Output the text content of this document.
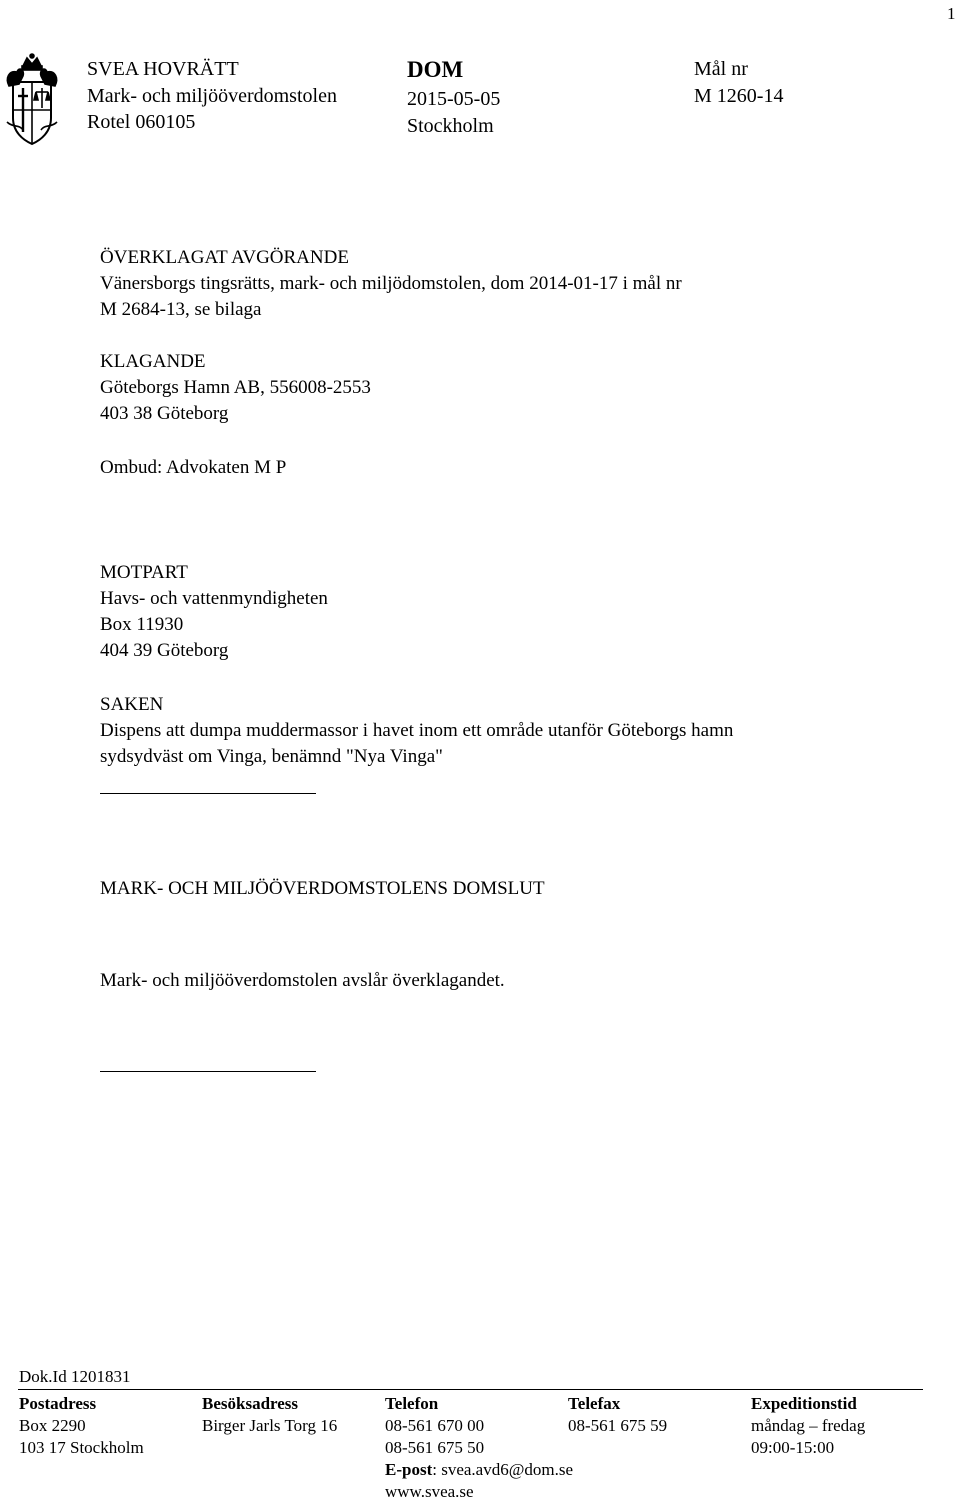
1
SVEA HOVRÄTT
Mark- och miljööverdomstolen
Rotel 060105
DOM
2015-05-05
Stockholm
Mål nr
M 1260-14
ÖVERKLAGAT AVGÖRANDE
Vänersborgs tingsrätts, mark- och miljödomstolen, dom 2014-01-17 i mål nr
M 2684-13, se bilaga
KLAGANDE
Göteborgs Hamn AB, 556008-2553
403 38 Göteborg
Ombud: Advokaten M P
MOTPART
Havs- och vattenmyndigheten
Box 11930
404 39 Göteborg
SAKEN
Dispens att dumpa muddermassor i havet inom ett område utanför Göteborgs hamn
sydsydväst om Vinga, benämnd "Nya Vinga"
MARK- OCH MILJÖÖVERDOMSTOLENS DOMSLUT
Mark- och miljööverdomstolen avslår överklagandet.
Dok.Id 1201831
Postadress
Box 2290
103 17 Stockholm
Besöksadress
Birger Jarls Torg 16
Telefon
08-561 670 00
08-561 675 50
E-post: svea.avd6@dom.se
www.svea.se
Telefax
08-561 675 59
Expeditionstid
måndag – fredag
09:00-15:00
